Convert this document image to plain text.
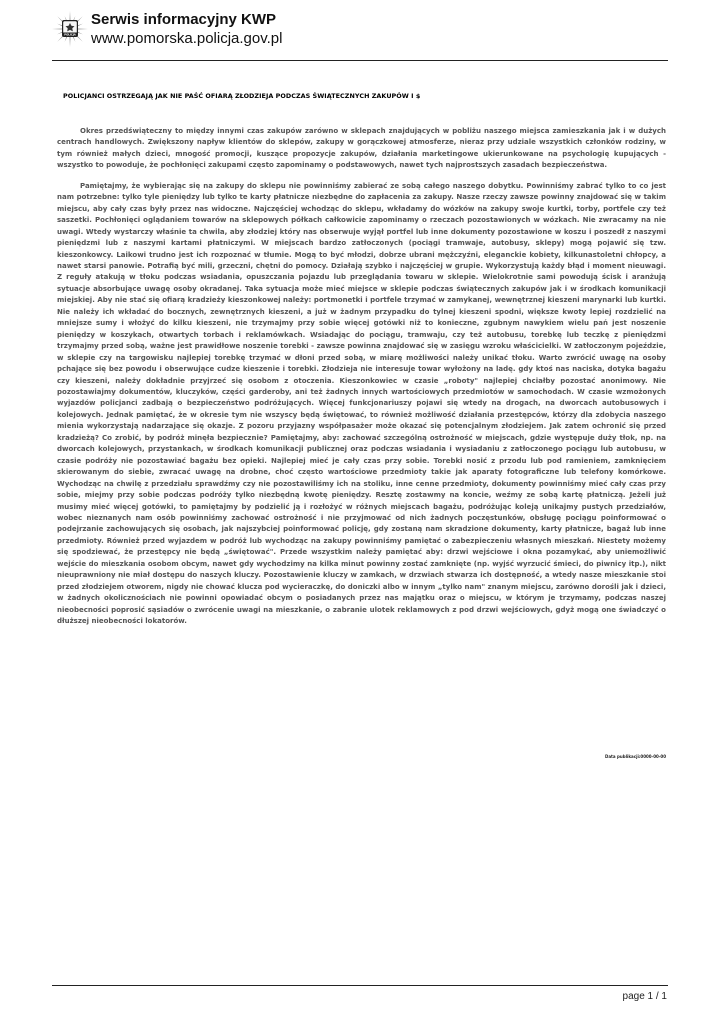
POLICJA
Serwis informacyjny KWP
www.pomorska.policja.gov.pl
POLICJANCI OSTRZEGAJĄ JAK NIE PAŚĆ OFIARĄ ZŁODZIEJA PODCZAS ŚWIĄTECZNYCH ZAKUPÓW I $

Okres przedświąteczny to między innymi czas zakupów zarówno w sklepach znajdujących w pobliżu naszego miejsca zamieszkania jak i w dużych centrach handlowych. Zwiększony napływ klientów do sklepów, zakupy w gorączkowej atmosferze, nieraz przy udziale wszystkich członków rodziny, w tym również małych dzieci, mnogość promocji, kuszące propozycje zakupów, działania marketingowe ukierunkowane na psychologię kupujących - wszystko to powoduje, że pochłonięci zakupami często zapominamy o podstawowych, nawet tych najprostszych zasadach bezpieczeństwa.

Pamiętajmy, że wybierając się na zakupy do sklepu nie powinniśmy zabierać ze sobą całego naszego dobytku. Powinniśmy zabrać tylko to co jest nam potrzebne: tylko tyle pieniędzy lub tylko te karty płatnicze niezbędne do zapłacenia za zakupy. Nasze rzeczy zawsze powinny znajdować się w takim miejscu, aby cały czas były przez nas widoczne. Najczęściej wchodząc do sklepu, wkładamy do wózków na zakupy swoje kurtki, torby, portfele czy też saszetki. Pochłonięci oglądaniem towarów na sklepowych półkach całkowicie zapominamy o rzeczach pozostawionych w wózkach. Nie zwracamy na nie uwagi. Wtedy wystarczy właśnie ta chwila, aby złodziej który nas obserwuje wyjął portfel lub inne dokumenty pozostawione w koszu i poszedł z naszymi pieniędzmi lub z naszymi kartami płatniczymi. W miejscach bardzo zatłoczonych (pociągi tramwaje, autobusy, sklepy) mogą pojawić się tzw. kieszonkowcy. Laikowi trudno jest ich rozpoznać w tłumie. Mogą to być młodzi, dobrze ubrani mężczyźni, eleganckie kobiety, kilkunastoletni chłopcy, a nawet starsi panowie. Potrafią być mili, grzeczni, chętni do pomocy. Działają szybko i najczęściej w grupie. Wykorzystują każdy błąd i moment nieuwagi. Z reguły atakują w tłoku podczas wsiadania, opuszczania pojazdu lub przeglądania towaru w sklepie. Wielokrotnie sami powodują ścisk i aranżują sytuacje absorbujące uwagę osoby okradanej. Taka sytuacja może mieć miejsce w sklepie podczas świątecznych zakupów jak i w środkach komunikacji miejskiej. Aby nie stać się ofiarą kradzieży kieszonkowej należy: portmonetki i portfele trzymać w zamykanej, wewnętrznej kieszeni marynarki lub kurtki. Nie należy ich wkładać do bocznych, zewnętrznych kieszeni, a już w żadnym przypadku do tylnej kieszeni spodni, większe kwoty lepiej rozdzielić na mniejsze sumy i włożyć do kilku kieszeni, nie trzymajmy przy sobie więcej gotówki niż to konieczne, zgubnym nawykiem wielu pań jest noszenie pieniędzy w koszykach, otwartych torbach i reklamówkach. Wsiadając do pociągu, tramwaju, czy też autobusu, torebkę lub teczkę z pieniędzmi trzymajmy przed sobą, ważne jest prawidłowe noszenie torebki - zawsze powinna znajdować się w zasięgu wzroku właścicielki. W zatłoczonym pojeździe, w sklepie czy na targowisku najlepiej torebkę trzymać w dłoni przed sobą, w miarę możliwości należy unikać tłoku. Warto zwrócić uwagę na osoby pchające się bez powodu i obserwujące cudze kieszenie i torebki. Złodzieja nie interesuje towar wyłożony na ladę. gdy ktoś nas naciska, dotyka bagażu czy kieszeni, należy dokładnie przyjrzeć się osobom z otoczenia. Kieszonkowiec w czasie „roboty" najlepiej chciałby pozostać anonimowy. Nie pozostawiajmy dokumentów, kluczyków, części garderoby, ani też żadnych innych wartościowych przedmiotów w samochodach. W czasie wzmożonych wyjazdów policjanci zadbają o bezpieczeństwo podróżujących. Więcej funkcjonariuszy pojawi się wtedy na drogach, na dworcach autobusowych i kolejowych. Jednak pamiętać, że w okresie tym nie wszyscy będą świętować, to również możliwość działania przestępców, którzy dla zdobycia naszego mienia wykorzystają nadarzające się okazje. Z pozoru przyjazny współpasażer może okazać się potencjalnym złodziejem. Jak zatem ochronić się przed kradzieżą? Co zrobić, by podróż minęła bezpiecznie? Pamiętajmy, aby: zachować szczególną ostrożność w miejscach, gdzie występuje duży tłok, np. na dworcach kolejowych, przystankach, w środkach komunikacji publicznej oraz podczas wsiadania i wysiadaniu z zatłoczonego pociągu lub autobusu, w czasie podróży nie pozostawiać bagażu bez opieki. Najlepiej mieć je cały czas przy sobie. Torebki nosić z przodu lub pod ramieniem, zamknięciem skierowanym do siebie, zwracać uwagę na drobne, choć często wartościowe przedmioty takie jak aparaty fotograficzne lub telefony komórkowe. Wychodząc na chwilę z przedziału sprawdźmy czy nie pozostawiliśmy ich na stoliku, inne cenne przedmioty, dokumenty powinniśmy mieć cały czas przy sobie, miejmy przy sobie podczas podróży tylko niezbędną kwotę pieniędzy. Resztę zostawmy na koncie, weźmy ze sobą kartę płatniczą. Jeżeli już musimy mieć więcej gotówki, to pamiętajmy by podzielić ją i rozłożyć w różnych miejscach bagażu, podróżując koleją unikajmy pustych przedziałów, wobec nieznanych nam osób powinniśmy zachować ostrożność i nie przyjmować od nich żadnych poczęstunków, obsługę pociągu poinformować o podejrzanie zachowujących się osobach, jak najszybciej poinformować policję, gdy zostaną nam skradzione dokumenty, karty płatnicze, bagaż lub inne przedmioty. Również przed wyjazdem w podróż lub wychodząc na zakupy powinniśmy pamiętać o zabezpieczeniu własnych mieszkań. Niestety możemy się spodziewać, że przestępcy nie będą „świętować". Przede wszystkim należy pamiętać aby: drzwi wejściowe i okna pozamykać, aby uniemożliwić wejście do mieszkania osobom obcym, nawet gdy wychodzimy na kilka minut powinny zostać zamknięte (np. wyjść wyrzucić śmieci, do piwnicy itp.), nikt nieuprawniony nie miał dostępu do naszych kluczy. Pozostawienie kluczy w zamkach, w drzwiach stwarza ich dostępność, a wtedy nasze mieszkanie stoi przed złodziejem otworem, nigdy nie chować klucza pod wycieraczkę, do doniczki albo w innym „tylko nam" znanym miejscu, zarówno dorośli jak i dzieci, w żadnych okolicznościach nie powinni opowiadać obcym o posiadanych przez nas majątku oraz o miejscu, w którym je trzymamy, podczas naszej nieobecności poprosić sąsiadów o zwrócenie uwagi na mieszkanie, o zabranie ulotek reklamowych z pod drzwi wejściowych, gdyż mogą one świadczyć o dłuższej nieobecności lokatorów.

Data publikacji:0000-00-00
page 1 / 1
